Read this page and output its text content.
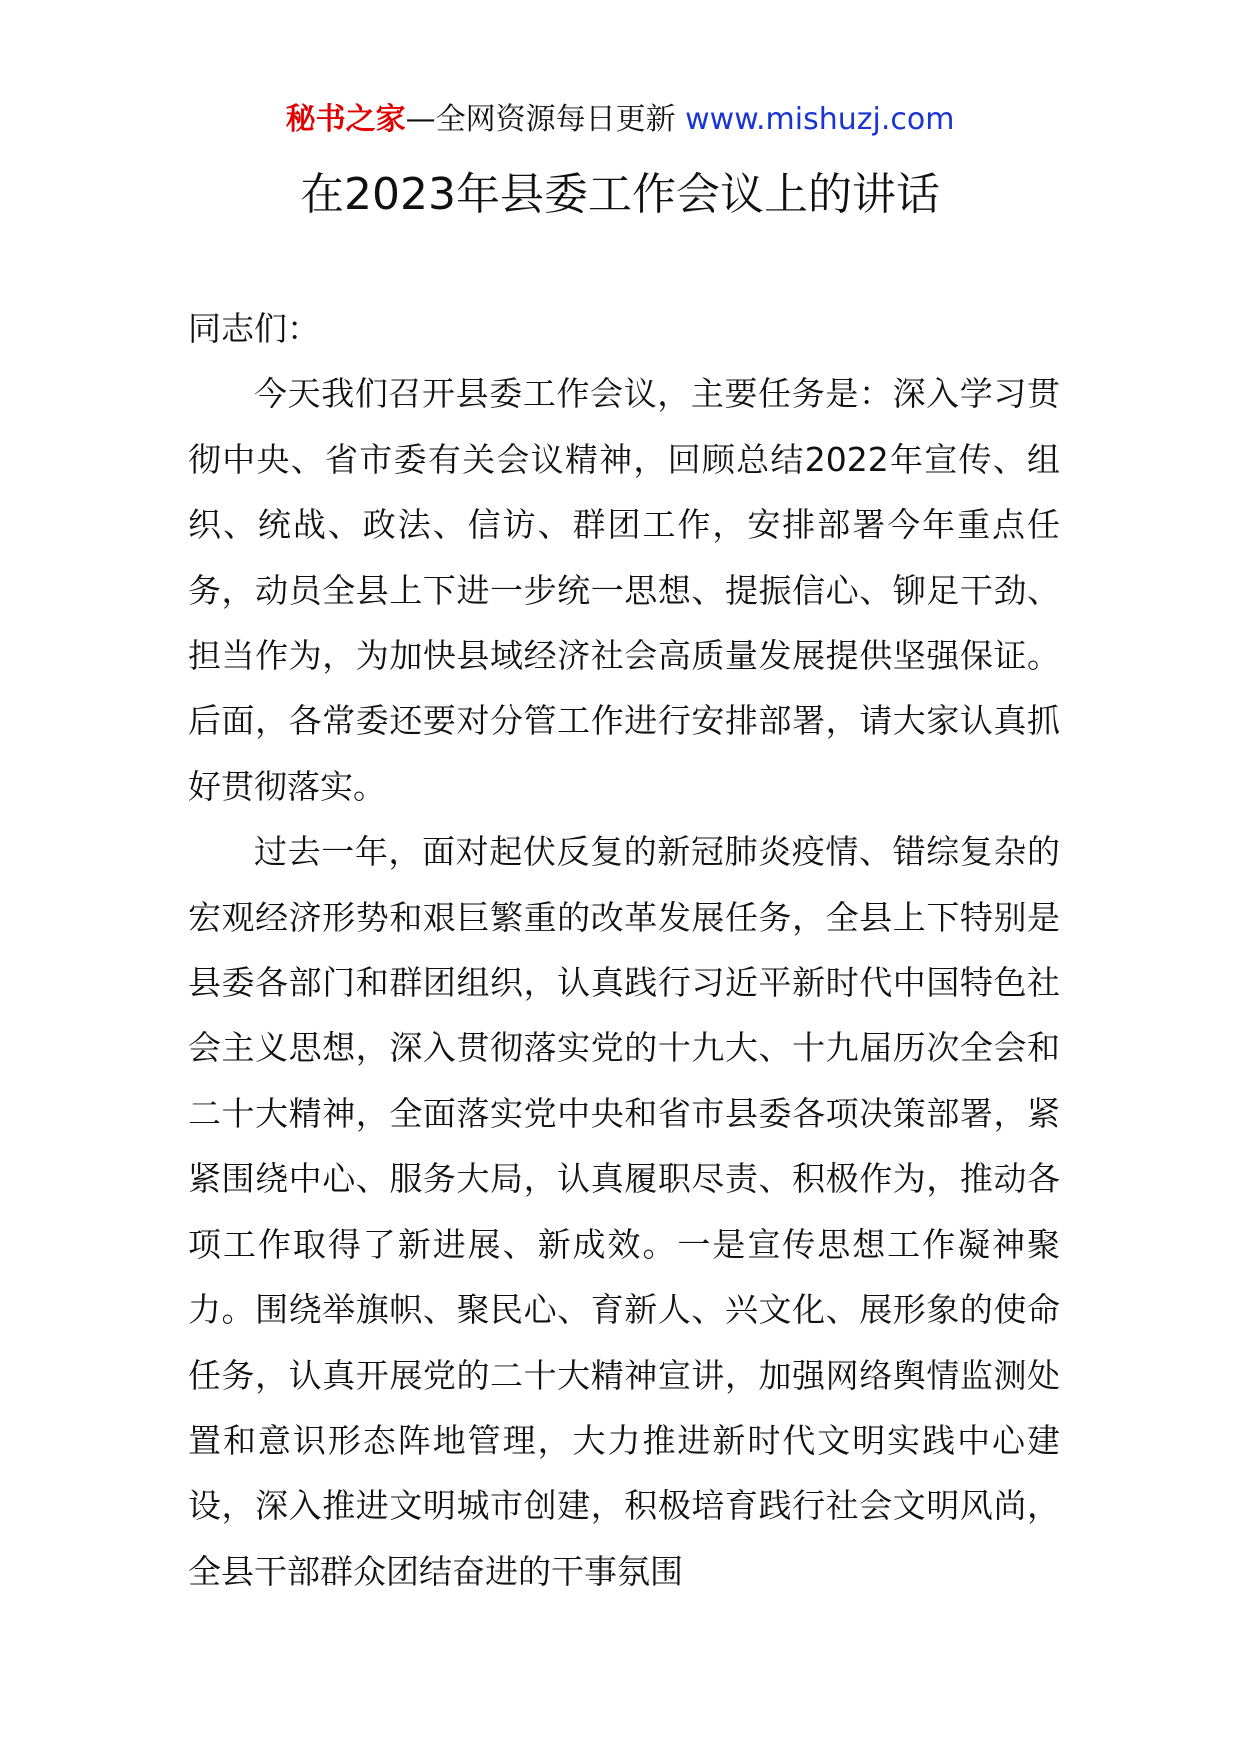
秘书之家—全网资源每日更新 www.mishuzj.com
在2023年县委工作会议上的讲话

同志们：

今天我们召开县委工作会议，主要任务是：深入学习贯彻中央、省市委有关会议精神，回顾总结2022年宣传、组织、统战、政法、信访、群团工作，安排部署今年重点任务，动员全县上下进一步统一思想、提振信心、铆足干劲、担当作为，为加快县域经济社会高质量发展提供坚强保证。后面，各常委还要对分管工作进行安排部署，请大家认真抓好贯彻落实。

过去一年，面对起伏反复的新冠肺炎疫情、错综复杂的宏观经济形势和艰巨繁重的改革发展任务，全县上下特别是县委各部门和群团组织，认真践行习近平新时代中国特色社会主义思想，深入贯彻落实党的十九大、十九届历次全会和二十大精神，全面落实党中央和省市县委各项决策部署，紧紧围绕中心、服务大局，认真履职尽责、积极作为，推动各项工作取得了新进展、新成效。一是宣传思想工作凝神聚力。围绕举旗帜、聚民心、育新人、兴文化、展形象的使命任务，认真开展党的二十大精神宣讲，加强网络舆情监测处置和意识形态阵地管理，大力推进新时代文明实践中心建设，深入推进文明城市创建，积极培育践行社会文明风尚，全县干部群众团结奋进的干事氛围
